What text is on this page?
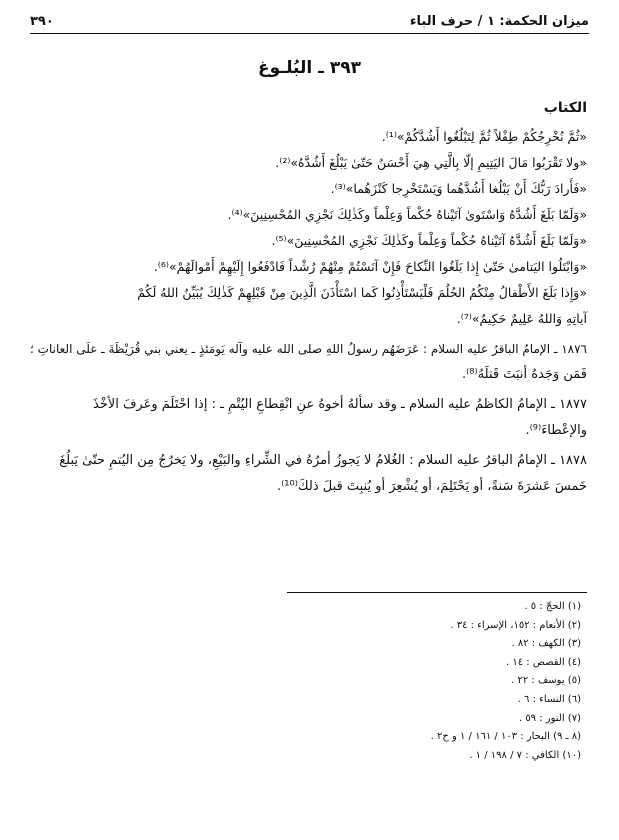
ميزان الحكمة: ١ / حرف الباء
٣٩٠
٣٩٣ ـ البُلـوغ
الكتاب
«ثُمَّ نُخْرِجُكُمْ طِفْلاً ثُمَّ لِتَبْلُغُوا أَشُدَّكُمْ»⁽¹⁾.
«ولا تَقْرَبُوا مَالَ اليَتِيمِ إلّا بِالَّتِي هِيَ أَحْسَنُ حَتّىٰ يَبْلُغَ أَشُدَّهُ»⁽²⁾.
«فَأَرادَ رَبُّكَ أَنْ يَبْلُغا أَشُدَّهُما وَيَسْتَخْرِجا كَنْزَهُما»⁽³⁾.
«وَلَمّا بَلَغَ أَشُدَّهُ وَاسْتَوىٰ آتَيْناهُ حُكْماً وَعِلْماً وكَذٰلِكَ نَجْزِي المُحْسِنِينَ»⁽⁴⁾.
«وَلَمّا بَلَغَ أَشُدَّهُ آتَيْناهُ حُكْماً وَعِلْماً وكَذٰلِكَ نَجْزِي المُحْسِنِينَ»⁽⁵⁾.
«وَابْتَلُوا اليَتامىٰ حَتّىٰ إِذا بَلَغُوا النِّكاحَ فَإِنْ آنَسْتُمْ مِنْهُمْ رُشْداً فَادْفَعُوا إِلَيْهِمْ أَمْوالَهُمْ»⁽⁶⁾.
«وَإِذا بَلَغَ الأَطْفالُ مِنْكُمُ الحُلُمَ فَلْيَسْتَأْذِنُوا كَما اسْتَأْذَنَ الَّذِينَ مِنْ قَبْلِهِمْ كَذٰلِكَ يُبَيِّنُ اللهُ لَكُمْ
آياتِهِ وَاللهُ عَلِيمٌ حَكِيمٌ»⁽⁷⁾.
١٨٧٦ ـ الإمامُ الباقرُ عليه السلام : عَرَضَهُم رسولُ اللهِ صلى الله عليه وآله يَومَئذٍ ـ يعني بني قُرَيْظَةَ ـ علَى العاناتِ ؛
فَمَن وَجَدهُ أنبَتَ قَتلَهُ⁽⁸⁾.
١٨٧٧ ـ الإمامُ الكاظمُ عليه السلام ـ وقد سألهُ أخوهُ عنِ انْقِطاعِ اليُتْمِ ـ : إذا احْتَلَمَ وعَرفَ الأخْذَ
والإعْطاءَ⁽⁹⁾.
١٨٧٨ ـ الإمامُ الباقرُ عليه السلام : الغُلامُ لا يَجوزُ أمرُهُ في الشِّراءِ والبَيْعِ، ولا يَخرُجُ مِن اليُتمِ حتّىٰ يَبلُغَ
خَمسَ عَشرَةَ سَنةً، أو يَحْتَلِمَ، أو يُشْعِرَ أو يُنبِتَ قبلَ ذلكَ⁽¹⁰⁾.
(١) الحجّ : ٥ .
(٢) الأنعام : ١٥٢، الإسراء : ٣٤ .
(٣) الكهف : ٨٢ .
(٤) القصص : ١٤ .
(٥) يوسف : ٢٢ .
(٦) النساء : ٦ .
(٧) النور : ٥٩ .
(٨ ـ ٩) البحار : ١٠٣ / ١٦١ / ١ و ح٢ .
(١٠) الكافي : ٧ / ١٩٨ / ١ .
